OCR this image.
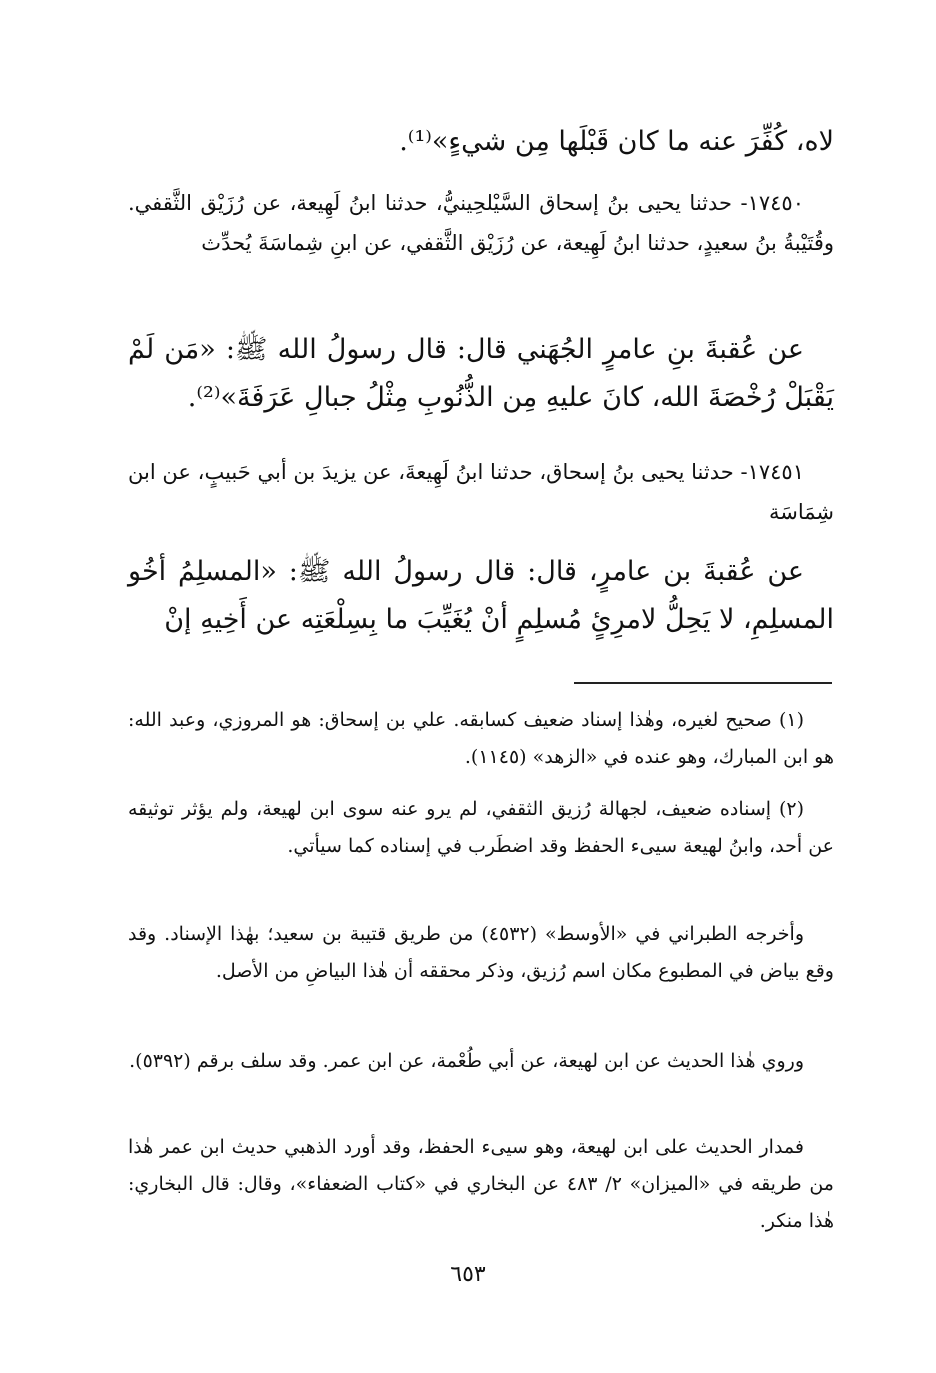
لاه، كُفِّرَ عنه ما كان قَبْلَها مِن شيءٍ»⁽¹⁾.
١٧٤٥٠- حدثنا يحيى بنُ إسحاق السَّيْلحِينيُّ، حدثنا ابنُ لَهِيعة، عن رُزَيْق الثَّقفي. وقُتَيْبةُ بنُ سعيدٍ، حدثنا ابنُ لَهِيعة، عن رُزَيْق الثَّقفي، عن ابنِ شِماسَةَ يُحدِّث
عن عُقبةَ بنِ عامرٍ الجُهَني قال: قال رسولُ الله ﷺ: «مَن لَمْ يَقْبَلْ رُخْصَةَ الله، كانَ عليهِ مِن الذُّنُوبِ مِثْلُ جبالِ عَرَفَةَ»⁽²⁾.
١٧٤٥١- حدثنا يحيى بنُ إسحاق، حدثنا ابنُ لَهِيعةَ، عن يزيدَ بن أبي حَبيبٍ، عن ابن شِمَاسَة
عن عُقبةَ بن عامرٍ، قال: قال رسولُ الله ﷺ: «المسلِمُ أخُو المسلِمِ، لا يَحِلُّ لامرِئٍ مُسلِمٍ أنْ يُغَيِّبَ ما بِسِلْعَتِه عن أَخِيهِ إنْ
(١) صحيح لغيره، وهٰذا إسناد ضعيف كسابقه. علي بن إسحاق: هو المروزي، وعبد الله: هو ابن المبارك، وهو عنده في «الزهد» (١١٤٥).
(٢) إسناده ضعيف، لجهالة رُزيق الثقفي، لم يرو عنه سوى ابن لهيعة، ولم يؤثر توثيقه عن أحد، وابنُ لهيعة سيىء الحفظ وقد اضطَرب في إسناده كما سيأتي.
وأخرجه الطبراني في «الأوسط» (٤٥٣٢) من طريق قتيبة بن سعيد؛ بهٰذا الإسناد. وقد وقع بياض في المطبوع مكان اسم رُزيق، وذكر محققه أن هٰذا البياضِ من الأصل.
وروي هٰذا الحديث عن ابن لهيعة، عن أبي طُعْمة، عن ابن عمر. وقد سلف برقم (٥٣٩٢).
فمدار الحديث على ابن لهيعة، وهو سيىء الحفظ، وقد أورد الذهبي حديث ابن عمر هٰذا من طريقه في «الميزان» ٢/ ٤٨٣ عن البخاري في «كتاب الضعفاء»، وقال: قال البخاري: هٰذا منكر.
٦٥٣
